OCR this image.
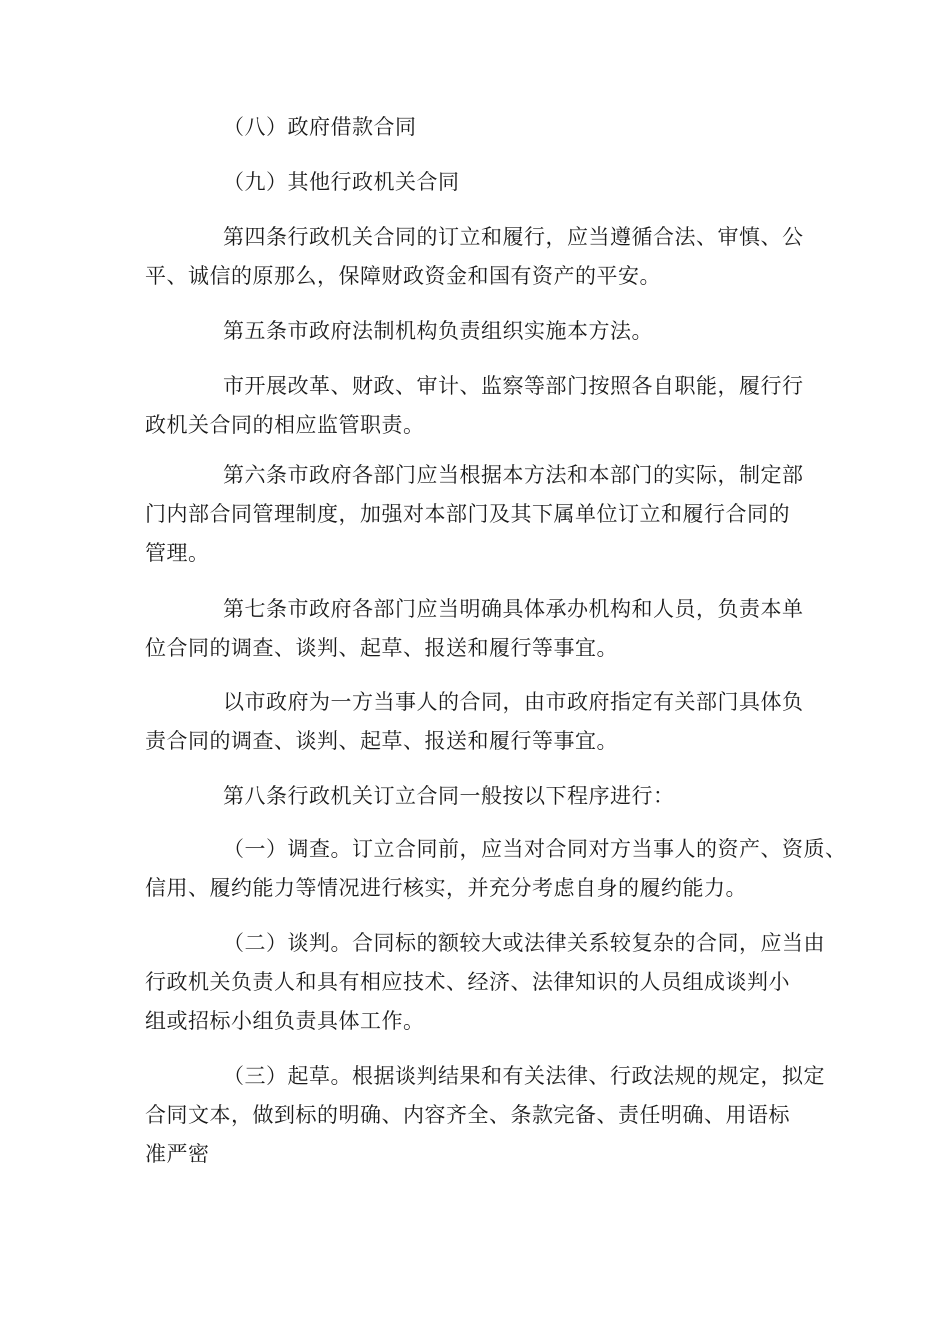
（八）政府借款合同
（九）其他行政机关合同
第四条行政机关合同的订立和履行，应当遵循合法、审慎、公
平、诚信的原那么，保障财政资金和国有资产的平安。
第五条市政府法制机构负责组织实施本方法。
市开展改革、财政、审计、监察等部门按照各自职能，履行行
政机关合同的相应监管职责。
第六条市政府各部门应当根据本方法和本部门的实际，制定部
门内部合同管理制度，加强对本部门及其下属单位订立和履行合同的
管理。
第七条市政府各部门应当明确具体承办机构和人员，负责本单
位合同的调查、谈判、起草、报送和履行等事宜。
以市政府为一方当事人的合同，由市政府指定有关部门具体负
责合同的调查、谈判、起草、报送和履行等事宜。
第八条行政机关订立合同一般按以下程序进行：
（一）调查。订立合同前，应当对合同对方当事人的资产、资质、
信用、履约能力等情况进行核实，并充分考虑自身的履约能力。
（二）谈判。合同标的额较大或法律关系较复杂的合同，应当由
行政机关负责人和具有相应技术、经济、法律知识的人员组成谈判小
组或招标小组负责具体工作。
（三）起草。根据谈判结果和有关法律、行政法规的规定，拟定
合同文本，做到标的明确、内容齐全、条款完备、责任明确、用语标
准严密
